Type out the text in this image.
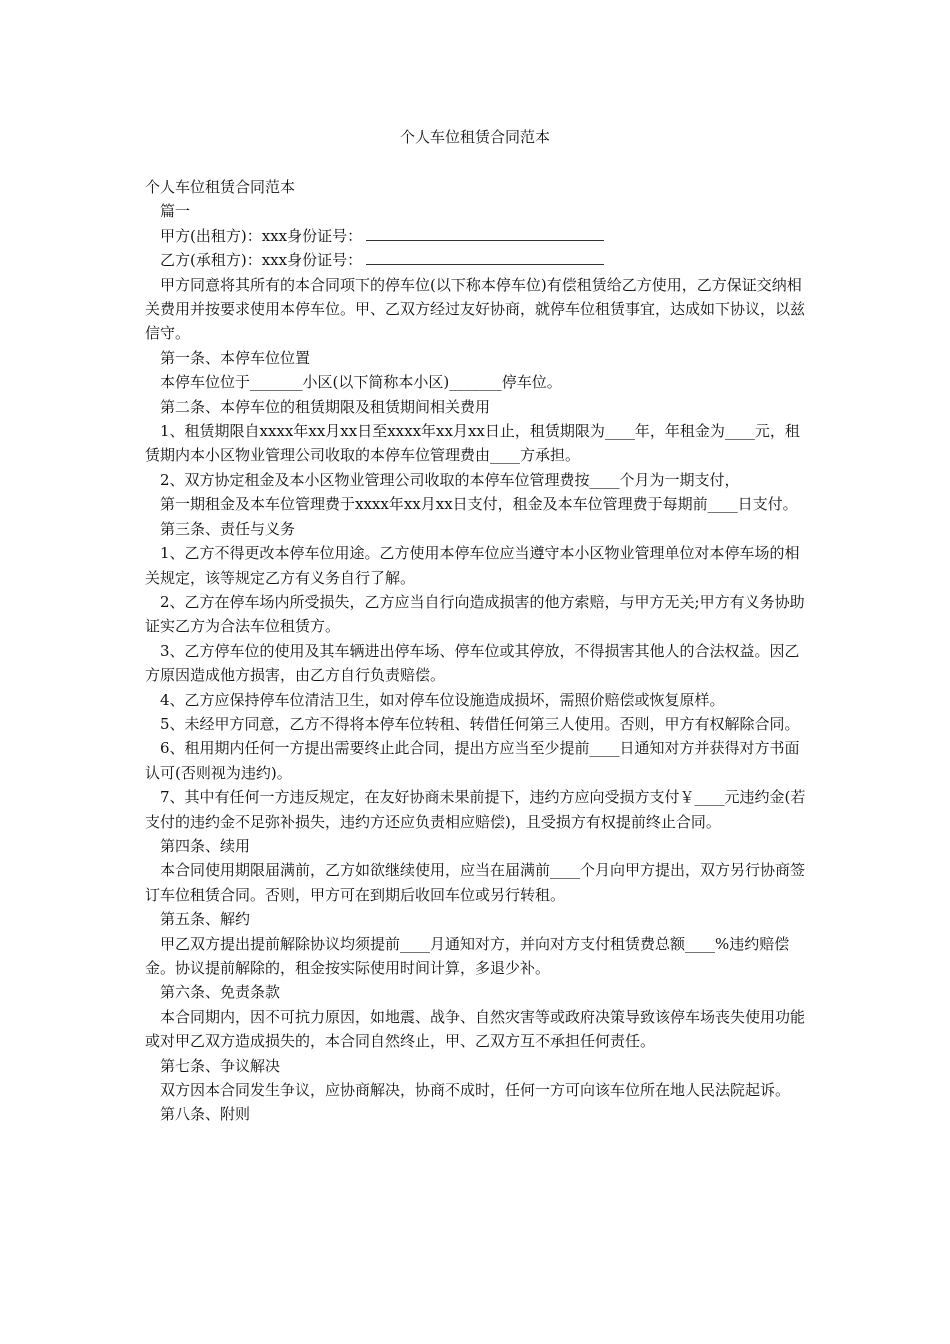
个人车位租赁合同范本

个人车位租赁合同范本

篇一

甲方(出租方)：xxx身份证号：

乙方(承租方)：xxx身份证号：

甲方同意将其所有的本合同项下的停车位(以下称本停车位)有偿租赁给乙方使用，乙方保证交纳相关费用并按要求使用本停车位。甲、乙双方经过友好协商，就停车位租赁事宜，达成如下协议，以兹信守。

第一条、本停车位位置

本停车位位于_______小区(以下简称本小区)_______停车位。

第二条、本停车位的租赁期限及租赁期间相关费用

1、租赁期限自xxxx年xx月xx日至xxxx年xx月xx日止，租赁期限为____年，年租金为____元，租赁期内本小区物业管理公司收取的本停车位管理费由____方承担。

2、双方协定租金及本小区物业管理公司收取的本停车位管理费按____个月为一期支付，

第一期租金及本车位管理费于xxxx年xx月xx日支付，租金及本车位管理费于每期前____日支付。

第三条、责任与义务

1、乙方不得更改本停车位用途。乙方使用本停车位应当遵守本小区物业管理单位对本停车场的相关规定，该等规定乙方有义务自行了解。

2、乙方在停车场内所受损失，乙方应当自行向造成损害的他方索赔，与甲方无关;甲方有义务协助证实乙方为合法车位租赁方。

3、乙方停车位的使用及其车辆进出停车场、停车位或其停放，不得损害其他人的合法权益。因乙方原因造成他方损害，由乙方自行负责赔偿。

4、乙方应保持停车位清洁卫生，如对停车位设施造成损坏，需照价赔偿或恢复原样。

5、未经甲方同意，乙方不得将本停车位转租、转借任何第三人使用。否则，甲方有权解除合同。

6、租用期内任何一方提出需要终止此合同，提出方应当至少提前____日通知对方并获得对方书面认可(否则视为违约)。

7、其中有任何一方违反规定，在友好协商未果前提下，违约方应向受损方支付￥____元违约金(若支付的违约金不足弥补损失，违约方还应负责相应赔偿)，且受损方有权提前终止合同。

第四条、续用

本合同使用期限届满前，乙方如欲继续使用，应当在届满前____个月向甲方提出，双方另行协商签订车位租赁合同。否则，甲方可在到期后收回车位或另行转租。

第五条、解约

甲乙双方提出提前解除协议均须提前____月通知对方，并向对方支付租赁费总额____%违约赔偿金。协议提前解除的，租金按实际使用时间计算，多退少补。

第六条、免责条款

本合同期内，因不可抗力原因，如地震、战争、自然灾害等或政府决策导致该停车场丧失使用功能或对甲乙双方造成损失的，本合同自然终止，甲、乙双方互不承担任何责任。

第七条、争议解决

双方因本合同发生争议，应协商解决，协商不成时，任何一方可向该车位所在地人民法院起诉。

第八条、附则
